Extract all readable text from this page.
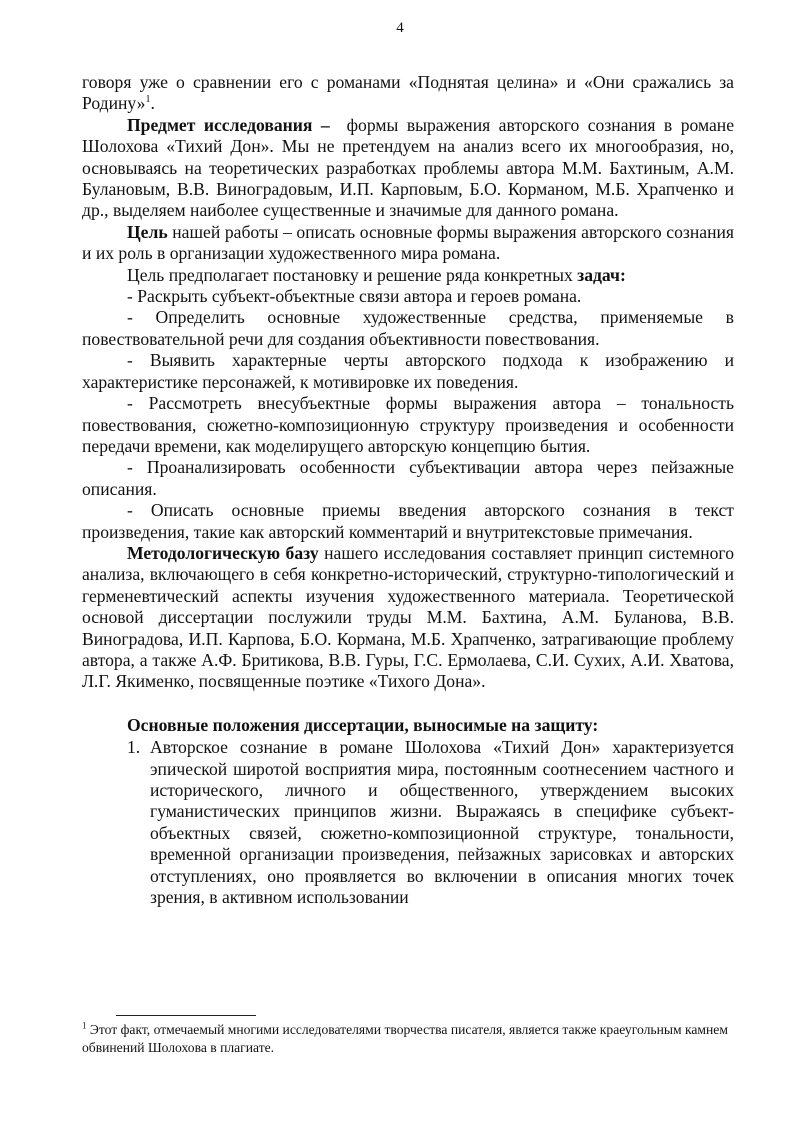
4

говоря уже о сравнении его с романами «Поднятая целина» и «Они сражались за Родину»$^1$.

Предмет исследования – формы выражения авторского сознания в романе Шолохова «Тихий Дон». Мы не претендуем на анализ всего их многообразия, но, основываясь на теоретических разработках проблемы автора М.М. Бахтиным, А.М. Булановым, В.В. Виноградовым, И.П. Карповым, Б.О. Корманом, М.Б. Храпченко и др., выделяем наиболее существенные и значимые для данного романа.

Цель нашей работы – описать основные формы выражения авторского сознания и их роль в организации художественного мира романа.

Цель предполагает постановку и решение ряда конкретных задач:

- Раскрыть субъект-объектные связи автора и героев романа.

- Определить основные художественные средства, применяемые в повествовательной речи для создания объективности повествования.

- Выявить характерные черты авторского подхода к изображению и характеристике персонажей, к мотивировке их поведения.

- Рассмотреть внесубъектные формы выражения автора – тональность повествования, сюжетно-композиционную структуру произведения и особенности передачи времени, как моделирущего авторскую концепцию бытия.

- Проанализировать особенности субъективации автора через пейзажные описания.

- Описать основные приемы введения авторского сознания в текст произведения, такие как авторский комментарий и внутритекстовые примечания.

Методологическую базу нашего исследования составляет принцип системного анализа, включающего в себя конкретно-исторический, структурно-типологический и герменевтический аспекты изучения художественного материала. Теоретической основой диссертации послужили труды М.М. Бахтина, А.М. Буланова, В.В. Виноградова, И.П. Карпова, Б.О. Кормана, М.Б. Храпченко, затрагивающие проблему автора, а также А.Ф. Бритикова, В.В. Гуры, Г.С. Ермолаева, С.И. Сухих, А.И. Хватова, Л.Г. Якименко, посвященные поэтике «Тихого Дона».

Основные положения диссертации, выносимые на защиту:

1. Авторское сознание в романе Шолохова «Тихий Дон» характеризуется эпической широтой восприятия мира, постоянным соотнесением частного и исторического, личного и общественного, утверждением высоких гуманистических принципов жизни. Выражаясь в специфике субъект-объектных связей, сюжетно-композиционной структуре, тональности, временной организации произведения, пейзажных зарисовках и авторских отступлениях, оно проявляется во включении в описания многих точек зрения, в активном использовании

$^1$ Этот факт, отмечаемый многими исследователями творчества писателя, является также краеугольным камнем обвинений Шолохова в плагиате.
